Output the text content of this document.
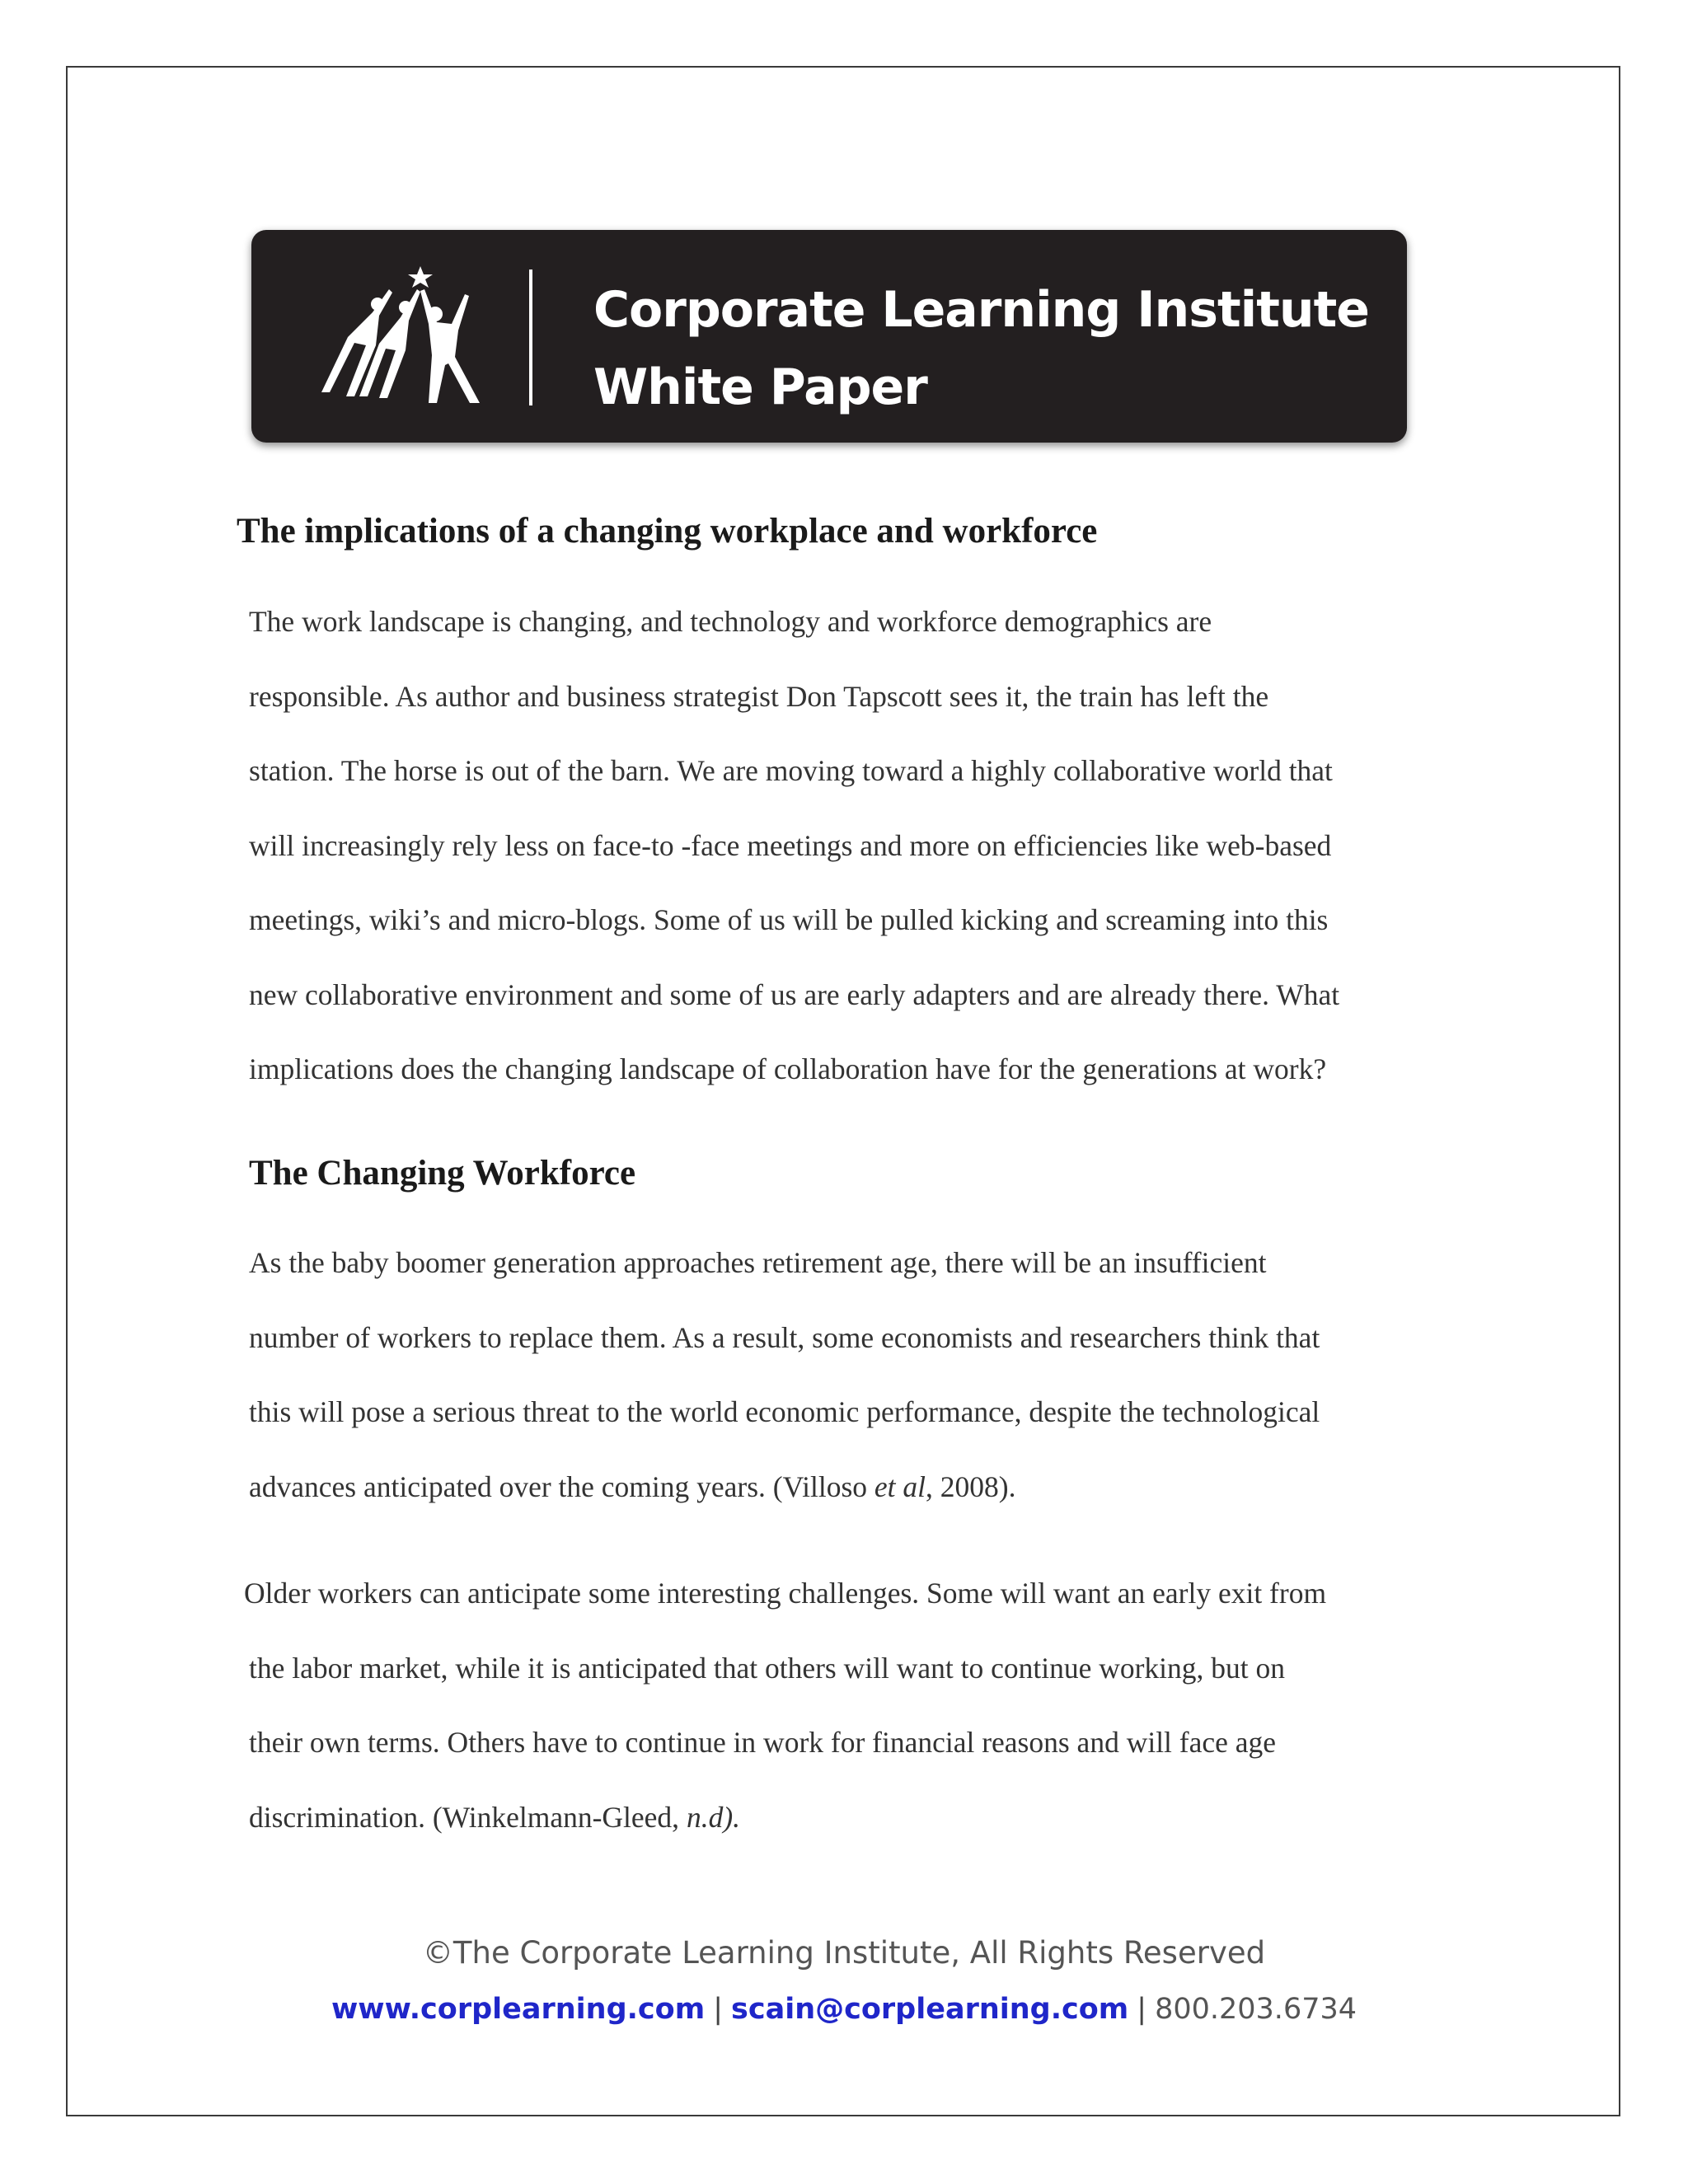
Corporate Learning Institute
White Paper
The implications of a changing workplace and workforce

The work landscape is changing, and technology and workforce demographics are
responsible. As author and business strategist Don Tapscott sees it, the train has left the
station. The horse is out of the barn. We are moving toward a highly collaborative world that
will increasingly rely less on face-to -face meetings and more on efficiencies like web-based
meetings, wiki’s and micro-blogs. Some of us will be pulled kicking and screaming into this
new collaborative environment and some of us are early adapters and are already there. What
implications does the changing landscape of collaboration have for the generations at work?

The Changing Workforce

As the baby boomer generation approaches retirement age, there will be an insufficient
number of workers to replace them. As a result, some economists and researchers think that
this will pose a serious threat to the world economic performance, despite the technological
advances anticipated over the coming years. (Villoso et al, 2008).

Older workers can anticipate some interesting challenges. Some will want an early exit from
the labor market, while it is anticipated that others will want to continue working, but on
their own terms. Others have to continue in work for financial reasons and will face age
discrimination. (Winkelmann-Gleed, n.d).

©The Corporate Learning Institute, All Rights Reserved
www.corplearning.com | scain@corplearning.com | 800.203.6734
